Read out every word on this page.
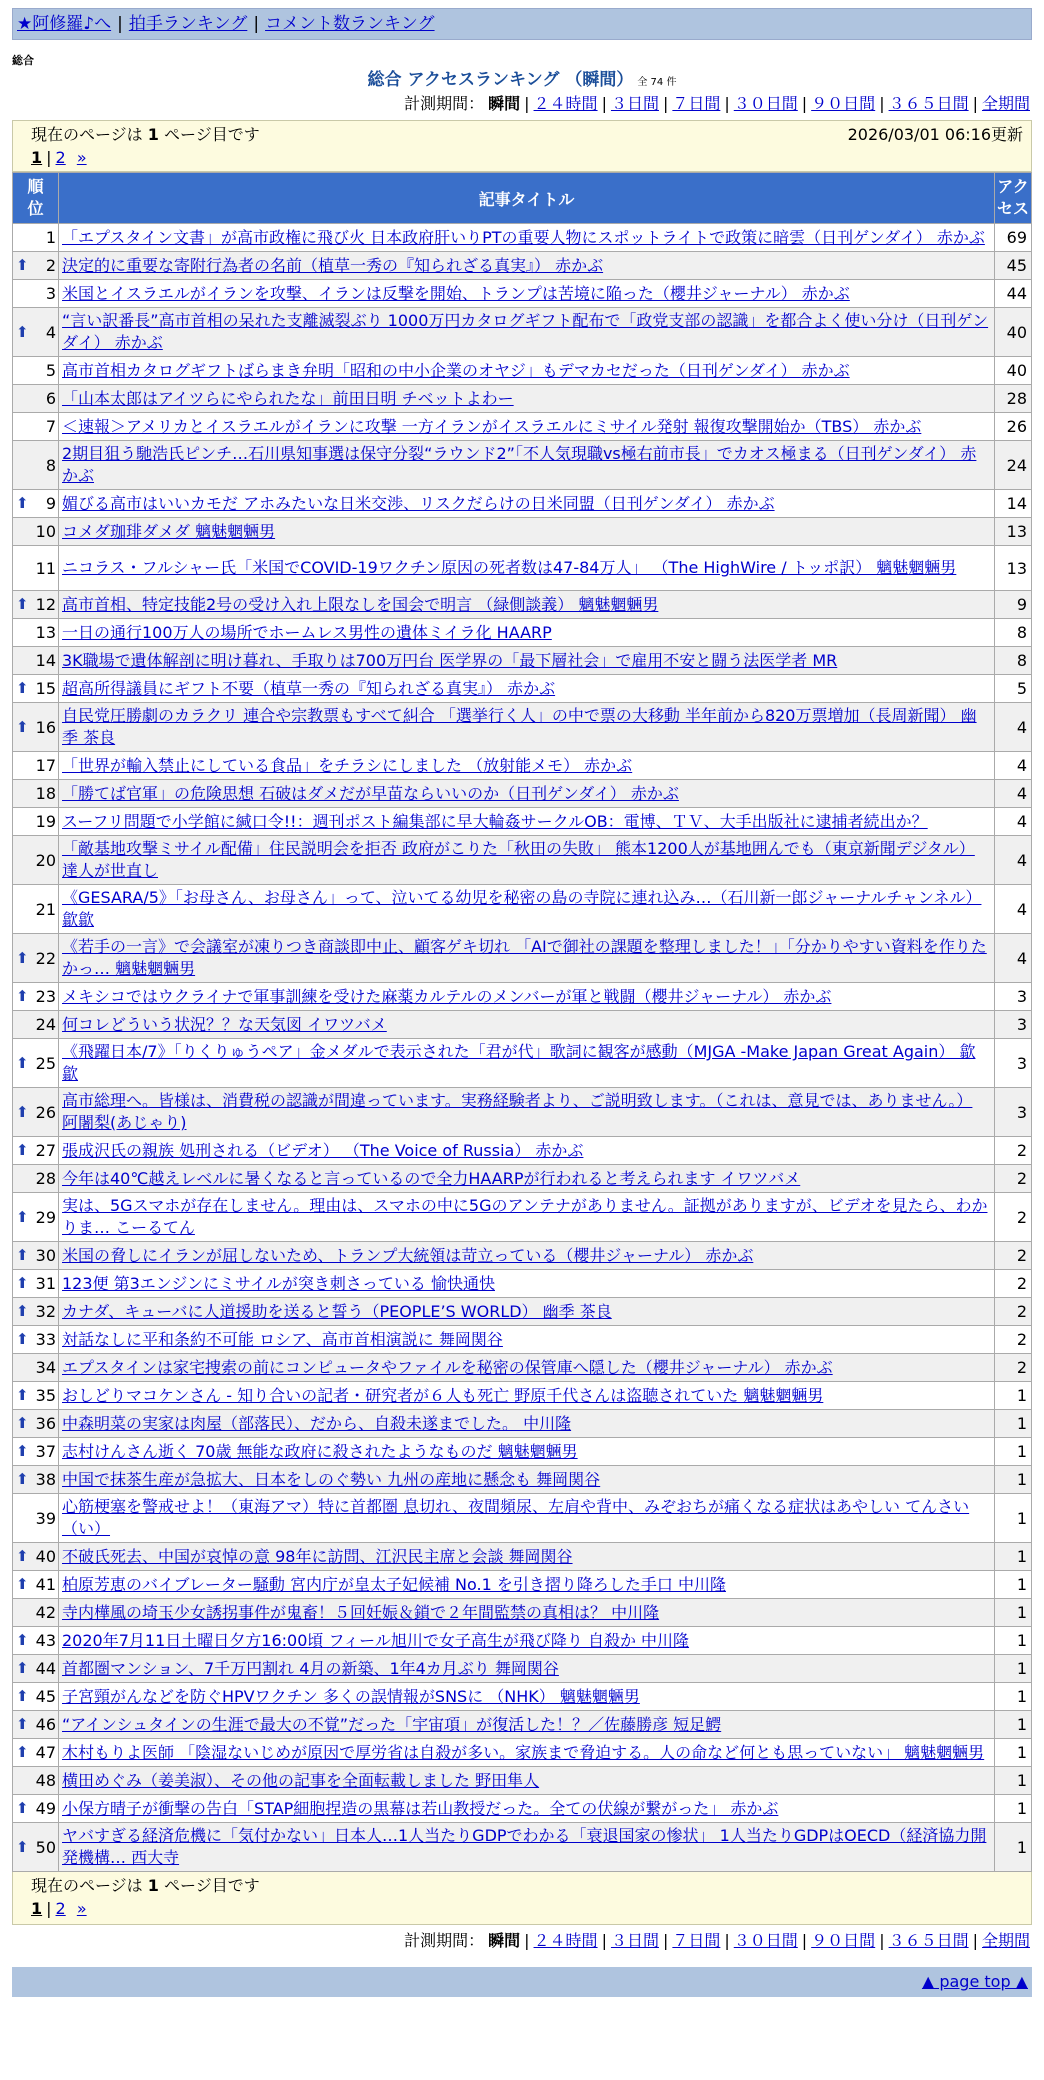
★阿修羅♪へ | 拍手ランキング | コメント数ランキング
総合
総合 アクセスランキング （瞬間） 全 74 件
計測期間： 瞬間 | ２４時間 | ３日間 | ７日間 | ３０日間 | ９０日間 | ３６５日間 | 全期間
現在のページは 1 ページ目です	2026/03/01 06:16更新
1 | 2 »
順位	記事タイトル	アクセス
1	「エプスタイン文書」が高市政権に飛び火 日本政府肝いりPTの重要人物にスポットライトで政策に暗雲（日刊ゲンダイ） 赤かぶ	69

⬆ 2	決定的に重要な寄附行為者の名前（植草一秀の『知られざる真実』） 赤かぶ	45
3	米国とイスラエルがイランを攻撃、イランは反撃を開始、トランプは苦境に陥った（櫻井ジャーナル） 赤かぶ	44

⬆ 4	“言い訳番長”高市首相の呆れた支離滅裂ぶり 1000万円カタログギフト配布で「政党支部の認識」を都合よく使い分け（日刊ゲンダイ） 赤かぶ	40
5	高市首相カタログギフトばらまき弁明「昭和の中小企業のオヤジ」もデマカセだった（日刊ゲンダイ） 赤かぶ	40
6	「山本太郎はアイツらにやられたな」前田日明 チベットよわー	28
7	＜速報＞アメリカとイスラエルがイランに攻撃 一方イランがイスラエルにミサイル発射 報復攻撃開始か（TBS） 赤かぶ	26
8	2期目狙う馳浩氏ピンチ…石川県知事選は保守分裂“ラウンド2”「不人気現職vs極右前市長」でカオス極まる（日刊ゲンダイ） 赤かぶ	24

⬆ 9	媚びる高市はいいカモだ アホみたいな日米交渉、リスクだらけの日米同盟（日刊ゲンダイ） 赤かぶ	14
10	コメダ珈琲ダメダ 魑魅魍魎男	13
11	ニコラス・フルシャー氏「米国でCOVID-19ワクチン原因の死者数は47-84万人」 （The HighWire / トッポ訳） 魑魅魍魎男	13

⬆ 12	高市首相、特定技能2号の受け入れ上限なしを国会で明言 （緑側談義） 魑魅魍魎男	9
13	一日の通行100万人の場所でホームレス男性の遺体ミイラ化 HAARP	8
14	3K職場で遺体解剖に明け暮れ、手取りは700万円台 医学界の「最下層社会」で雇用不安と闘う法医学者 MR	8

⬆ 15	超高所得議員にギフト不要（植草一秀の『知られざる真実』） 赤かぶ	5

⬆ 16	自民党圧勝劇のカラクリ 連合や宗教票もすべて糾合 「選挙行く人」の中で票の大移動 半年前から820万票増加（長周新聞） 幽季 茶良	4
17	「世界が輸入禁止にしている食品」をチラシにしました （放射能メモ） 赤かぶ	4
18	「勝てば官軍」の危険思想 石破はダメだが早苗ならいいのか（日刊ゲンダイ） 赤かぶ	4
19	スーフリ問題で小学館に緘口令!!：週刊ポスト編集部に早大輪姦サークルOB：電博、ＴＶ、大手出版社に逮捕者続出か？	4
20	「敵基地攻撃ミサイル配備」住民説明会を拒否 政府がこりた「秋田の失敗」 熊本1200人が基地囲んでも（東京新聞デジタル） 達人が世直し	4
21	《GESARA/5》「お母さん、お母さん」って、泣いてる幼児を秘密の島の寺院に連れ込み…（石川新一郎ジャーナルチャンネル） 歙歙	4

⬆ 22	《若手の一言》で会議室が凍りつき商談即中止、顧客ゲキ切れ 「AIで御社の課題を整理しました！」「分かりやすい資料を作りたかっ… 魑魅魍魎男	4

⬆ 23	メキシコではウクライナで軍事訓練を受けた麻薬カルテルのメンバーが軍と戦闘（櫻井ジャーナル） 赤かぶ	3
24	何コレどういう状況？？な天気図 イワツバメ	3

⬆ 25	《飛躍日本/7》「りくりゅうペア」金メダルで表示された「君が代」歌詞に観客が感動（MJGA -Make Japan Great Again） 歙歙	3

⬆ 26	高市総理へ。皆様は、消費税の認識が間違っています。実務経験者より、ご説明致します。（これは、意見では、ありません。） 阿闍梨(あじゃり)	3

⬆ 27	張成沢氏の親族 処刑される（ビデオ） （The Voice of Russia） 赤かぶ	2
28	今年は40℃越えレベルに暑くなると言っているので全力HAARPが行われると考えられます イワツバメ	2

⬆ 29	実は、5Gスマホが存在しません。理由は、スマホの中に5Gのアンテナがありません。証拠がありますが、ビデオを見たら、わかりま… こーるてん	2

⬆ 30	米国の脅しにイランが屈しないため、トランプ大統領は苛立っている（櫻井ジャーナル） 赤かぶ	2

⬆ 31	123便 第3エンジンにミサイルが突き刺さっている 愉快通快	2

⬆ 32	カナダ、キューバに人道援助を送ると誓う（PEOPLE’S WORLD） 幽季 茶良	2

⬆ 33	対話なしに平和条約不可能 ロシア、高市首相演説に 舞岡関谷	2
34	エプスタインは家宅捜索の前にコンピュータやファイルを秘密の保管庫へ隠した（櫻井ジャーナル） 赤かぶ	2

⬆ 35	おしどりマコケンさん - 知り合いの記者・研究者が６人も死亡 野原千代さんは盗聴されていた 魑魅魍魎男	1

⬆ 36	中森明菜の実家は肉屋（部落民）、だから、自殺未遂までした。 中川隆	1

⬆ 37	志村けんさん逝く 70歳 無能な政府に殺されたようなものだ 魑魅魍魎男	1

⬆ 38	中国で抹茶生産が急拡大、日本をしのぐ勢い 九州の産地に懸念も 舞岡関谷	1
39	心筋梗塞を警戒せよ！（東海アマ）特に首都圏 息切れ、夜間頻尿、左肩や背中、みぞおちが痛くなる症状はあやしい てんさい（い）	1

⬆ 40	不破氏死去、中国が哀悼の意 98年に訪問、江沢民主席と会談 舞岡関谷	1

⬆ 41	柏原芳恵のバイブレーター騒動 宮内庁が皇太子妃候補 No.1 を引き摺り降ろした手口 中川隆	1
42	寺内樺風の埼玉少女誘拐事件が鬼畜！５回妊娠＆鎖で２年間監禁の真相は？ 中川隆	1

⬆ 43	2020年7月11日土曜日夕方16:00頃 フィール旭川で女子高生が飛び降り 自殺か 中川隆	1

⬆ 44	首都圏マンション、7千万円割れ 4月の新築、1年4カ月ぶり 舞岡関谷	1

⬆ 45	子宮頸がんなどを防ぐHPVワクチン 多くの誤情報がSNSに （NHK） 魑魅魍魎男	1

⬆ 46	“アインシュタインの生涯で最大の不覚”だった「宇宙項」が復活した！？／佐藤勝彦 短足鰐	1

⬆ 47	木村もりよ医師 「陰湿ないじめが原因で厚労省は自殺が多い。家族まで脅迫する。人の命など何とも思っていない」 魑魅魍魎男	1
48	横田めぐみ（姜美淑）、その他の記事を全面転載しました 野田隼人	1

⬆ 49	小保方晴子が衝撃の告白「STAP細胞捏造の黒幕は若山教授だった。全ての伏線が繋がった」 赤かぶ	1

⬆ 50	ヤバすぎる経済危機に「気付かない」日本人…1人当たりGDPでわかる「衰退国家の惨状」 1人当たりGDPはOECD（経済協力開発機構… 西大寺	1
現在のページは 1 ページ目です
1 | 2 »
計測期間： 瞬間 | ２４時間 | ３日間 | ７日間 | ３０日間 | ９０日間 | ３６５日間 | 全期間
▲ page top ▲
